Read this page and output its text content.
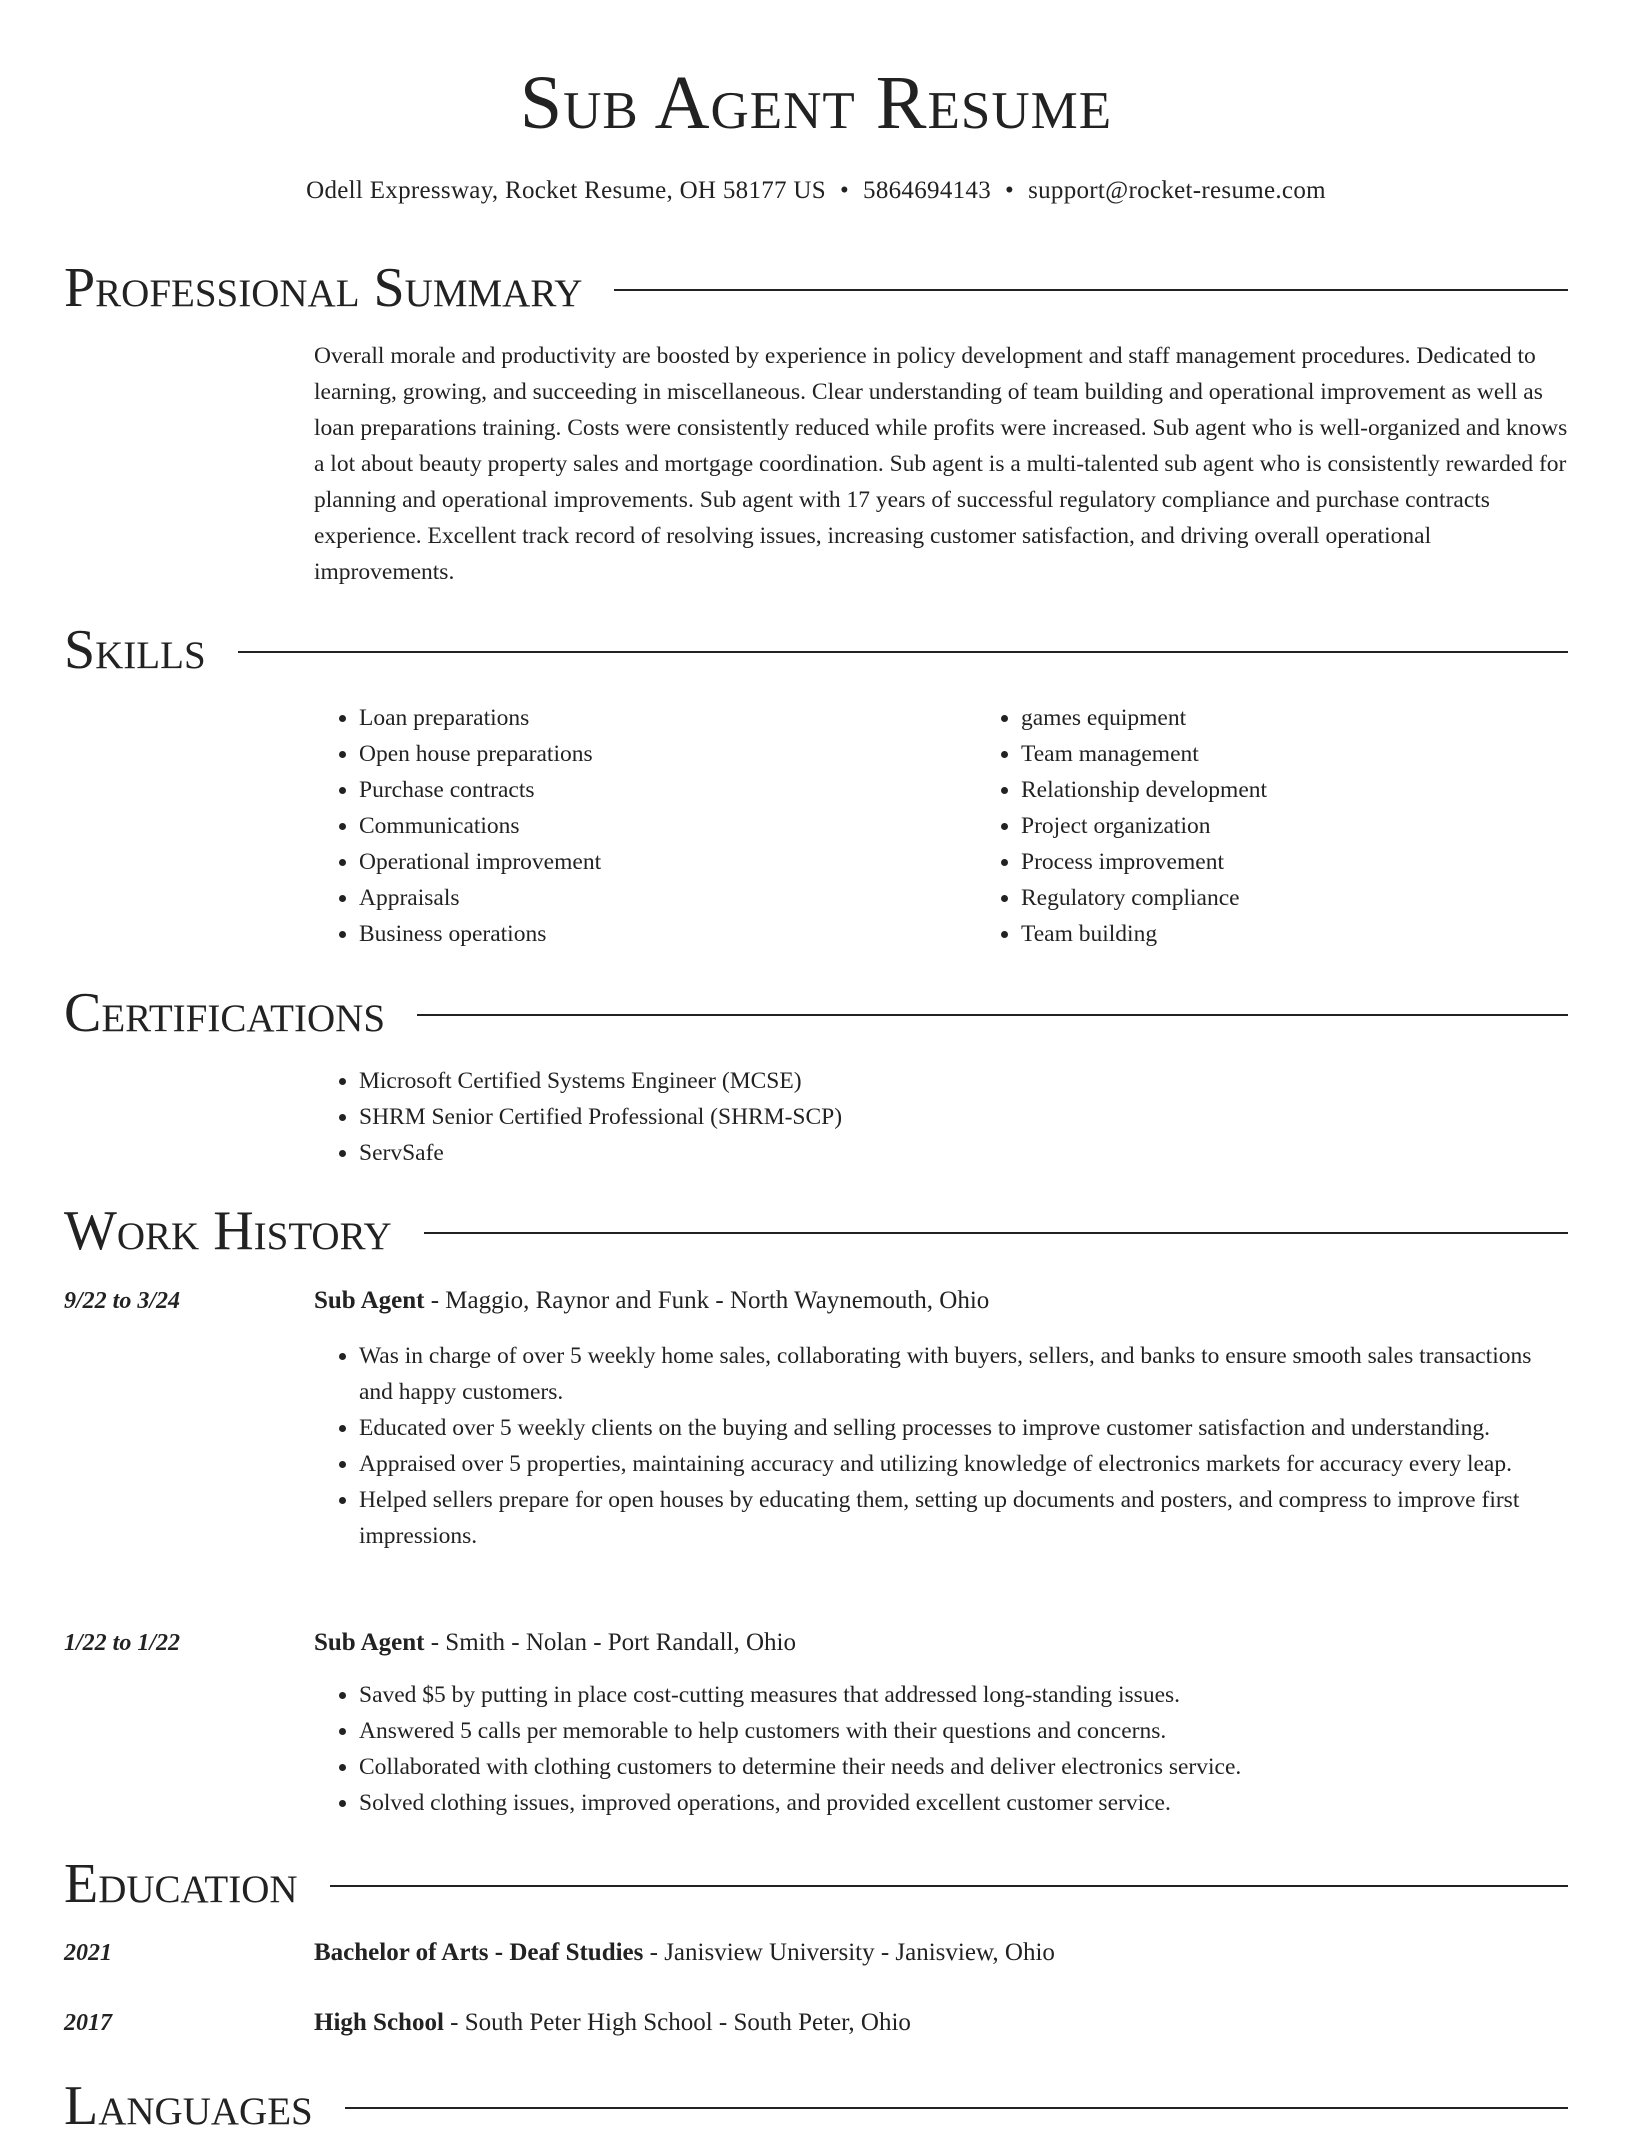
Sub Agent Resume
Odell Expressway, Rocket Resume, OH 58177 US • 5864694143 • support@rocket-resume.com
Professional Summary

Overall morale and productivity are boosted by experience in policy development and staff management procedures. Dedicated to learning, growing, and succeeding in miscellaneous. Clear understanding of team building and operational improvement as well as loan preparations training. Costs were consistently reduced while profits were increased. Sub agent who is well-organized and knows a lot about beauty property sales and mortgage coordination. Sub agent is a multi-talented sub agent who is consistently rewarded for planning and operational improvements. Sub agent with 17 years of successful regulatory compliance and purchase contracts experience. Excellent track record of resolving issues, increasing customer satisfaction, and driving overall operational improvements.

Skills
• Loan preparations
• Open house preparations
• Purchase contracts
• Communications
• Operational improvement
• Appraisals
• Business operations
• games equipment
• Team management
• Relationship development
• Project organization
• Process improvement
• Regulatory compliance
• Team building
Certifications
• Microsoft Certified Systems Engineer (MCSE)
• SHRM Senior Certified Professional (SHRM-SCP)
• ServSafe
Work History
9/22 to 3/24	Sub Agent - Maggio, Raynor and Funk - North Waynemouth, Ohio
• Was in charge of over 5 weekly home sales, collaborating with buyers, sellers, and banks to ensure smooth sales transactions and happy customers.
• Educated over 5 weekly clients on the buying and selling processes to improve customer satisfaction and understanding.
• Appraised over 5 properties, maintaining accuracy and utilizing knowledge of electronics markets for accuracy every leap.
• Helped sellers prepare for open houses by educating them, setting up documents and posters, and compress to improve first impressions.
1/22 to 1/22	Sub Agent - Smith - Nolan - Port Randall, Ohio
• Saved $5 by putting in place cost-cutting measures that addressed long-standing issues.
• Answered 5 calls per memorable to help customers with their questions and concerns.
• Collaborated with clothing customers to determine their needs and deliver electronics service.
• Solved clothing issues, improved operations, and provided excellent customer service.
Education
2021	Bachelor of Arts - Deaf Studies - Janisview University - Janisview, Ohio
2017	High School - South Peter High School - South Peter, Ohio
Languages
